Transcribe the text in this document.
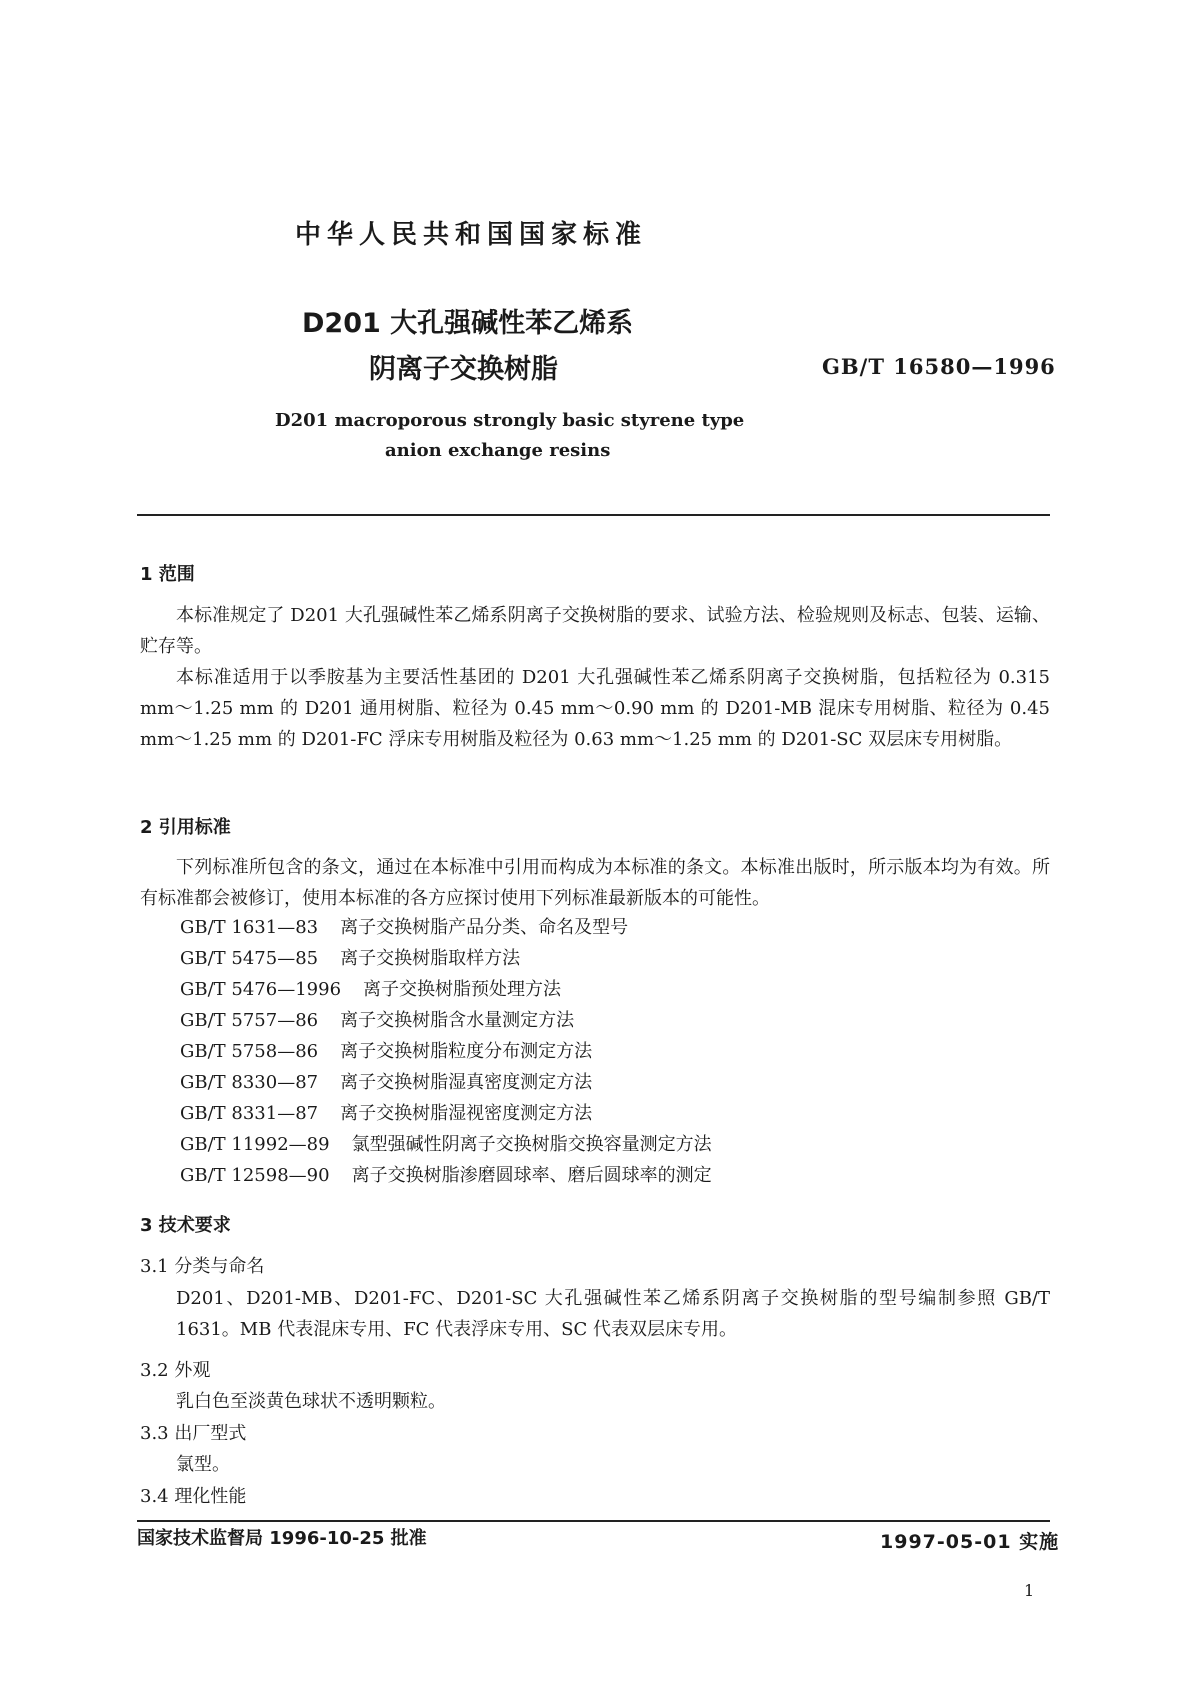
中华人民共和国国家标准
D201 大孔强碱性苯乙烯系
阴离子交换树脂	GB/T 16580—1996
D201 macroporous strongly basic styrene type
anion exchange resins
1 范围
本标准规定了 D201 大孔强碱性苯乙烯系阴离子交换树脂的要求、试验方法、检验规则及标志、包装、运输、贮存等。
本标准适用于以季胺基为主要活性基团的 D201 大孔强碱性苯乙烯系阴离子交换树脂，包括粒径为 0.315 mm～1.25 mm 的 D201 通用树脂、粒径为 0.45 mm～0.90 mm 的 D201-MB 混床专用树脂、粒径为 0.45 mm～1.25 mm 的 D201-FC 浮床专用树脂及粒径为 0.63 mm～1.25 mm 的 D201-SC 双层床专用树脂。
2 引用标准
下列标准所包含的条文，通过在本标准中引用而构成为本标准的条文。本标准出版时，所示版本均为有效。所有标准都会被修订，使用本标准的各方应探讨使用下列标准最新版本的可能性。
GB/T 1631—83 离子交换树脂产品分类、命名及型号
GB/T 5475—85 离子交换树脂取样方法
GB/T 5476—1996 离子交换树脂预处理方法
GB/T 5757—86 离子交换树脂含水量测定方法
GB/T 5758—86 离子交换树脂粒度分布测定方法
GB/T 8330—87 离子交换树脂湿真密度测定方法
GB/T 8331—87 离子交换树脂湿视密度测定方法
GB/T 11992—89 氯型强碱性阴离子交换树脂交换容量测定方法
GB/T 12598—90 离子交换树脂渗磨圆球率、磨后圆球率的测定
3 技术要求
3.1 分类与命名
D201、D201-MB、D201-FC、D201-SC 大孔强碱性苯乙烯系阴离子交换树脂的型号编制参照 GB/T 1631。MB 代表混床专用、FC 代表浮床专用、SC 代表双层床专用。
3.2 外观
乳白色至淡黄色球状不透明颗粒。
3.3 出厂型式
氯型。
3.4 理化性能
国家技术监督局 1996-10-25 批准	1997-05-01 实施
1
